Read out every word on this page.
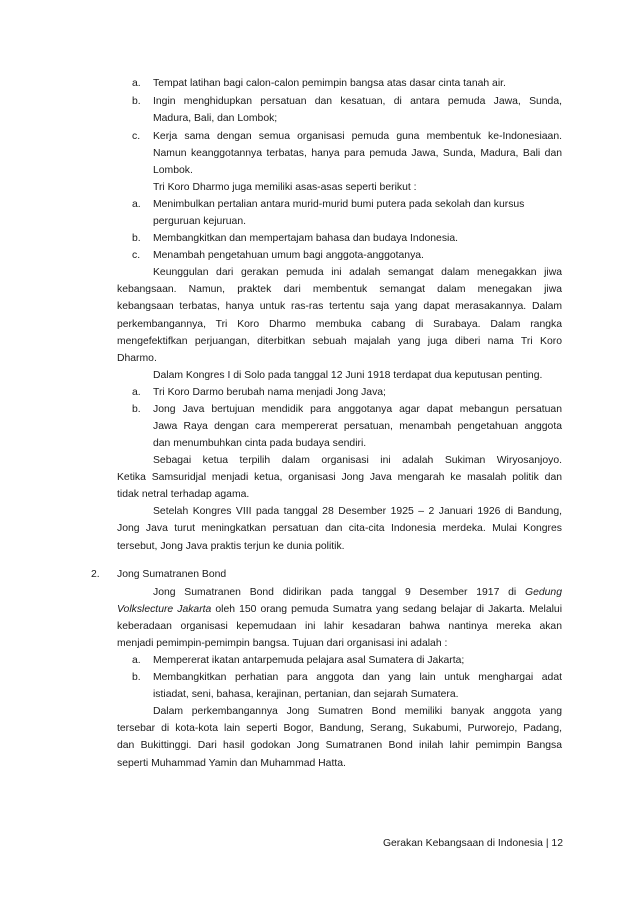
a. Tempat latihan bagi calon-calon pemimpin bangsa atas dasar cinta tanah air.
b. Ingin menghidupkan persatuan dan kesatuan, di antara pemuda Jawa, Sunda,
Madura, Bali, dan Lombok;
c. Kerja sama dengan semua organisasi pemuda guna membentuk ke-Indonesiaan.
Namun keanggotannya terbatas, hanya para pemuda Jawa, Sunda, Madura, Bali dan
Lombok.
Tri Koro Dharmo juga memiliki asas-asas seperti berikut :
a. Menimbulkan pertalian antara murid-murid bumi putera pada sekolah dan kursus
perguruan kejuruan.
b. Membangkitkan dan mempertajam bahasa dan budaya Indonesia.
c. Menambah pengetahuan umum bagi anggota-anggotanya.
Keunggulan dari gerakan pemuda ini adalah semangat dalam menegakkan jiwa
kebangsaan. Namun, praktek dari membentuk semangat dalam menegakan jiwa
kebangsaan terbatas, hanya untuk ras-ras tertentu saja yang dapat merasakannya. Dalam
perkembangannya, Tri Koro Dharmo membuka cabang di Surabaya. Dalam rangka
mengefektifkan perjuangan, diterbitkan sebuah majalah yang juga diberi nama Tri Koro
Dharmo.
Dalam Kongres I di Solo pada tanggal 12 Juni 1918 terdapat dua keputusan penting.
a. Tri Koro Darmo berubah nama menjadi Jong Java;
b. Jong Java bertujuan mendidik para anggotanya agar dapat mebangun persatuan
Jawa Raya dengan cara mempererat persatuan, menambah pengetahuan anggota
dan menumbuhkan cinta pada budaya sendiri.
Sebagai ketua terpilih dalam organisasi ini adalah Sukiman Wiryosanjoyo.
Ketika Samsuridjal menjadi ketua, organisasi Jong Java mengarah ke masalah politik dan
tidak netral terhadap agama.
Setelah Kongres VIII pada tanggal 28 Desember 1925 – 2 Januari 1926 di Bandung,
Jong Java turut meningkatkan persatuan dan cita-cita Indonesia merdeka. Mulai Kongres
tersebut, Jong Java praktis terjun ke dunia politik.
2. Jong Sumatranen Bond
Jong Sumatranen Bond didirikan pada tanggal 9 Desember 1917 di Gedung
Volkslecture Jakarta oleh 150 orang pemuda Sumatra yang sedang belajar di Jakarta. Melalui
keberadaan organisasi kepemudaan ini lahir kesadaran bahwa nantinya mereka akan
menjadi pemimpin-pemimpin bangsa. Tujuan dari organisasi ini adalah :
a. Mempererat ikatan antarpemuda pelajara asal Sumatera di Jakarta;
b. Membangkitkan perhatian para anggota dan yang lain untuk menghargai adat
istiadat, seni, bahasa, kerajinan, pertanian, dan sejarah Sumatera.
Dalam perkembangannya Jong Sumatren Bond memiliki banyak anggota yang
tersebar di kota-kota lain seperti Bogor, Bandung, Serang, Sukabumi, Purworejo, Padang,
dan Bukittinggi. Dari hasil godokan Jong Sumatranen Bond inilah lahir pemimpin Bangsa
seperti Muhammad Yamin dan Muhammad Hatta.
Gerakan Kebangsaan di Indonesia | 12
